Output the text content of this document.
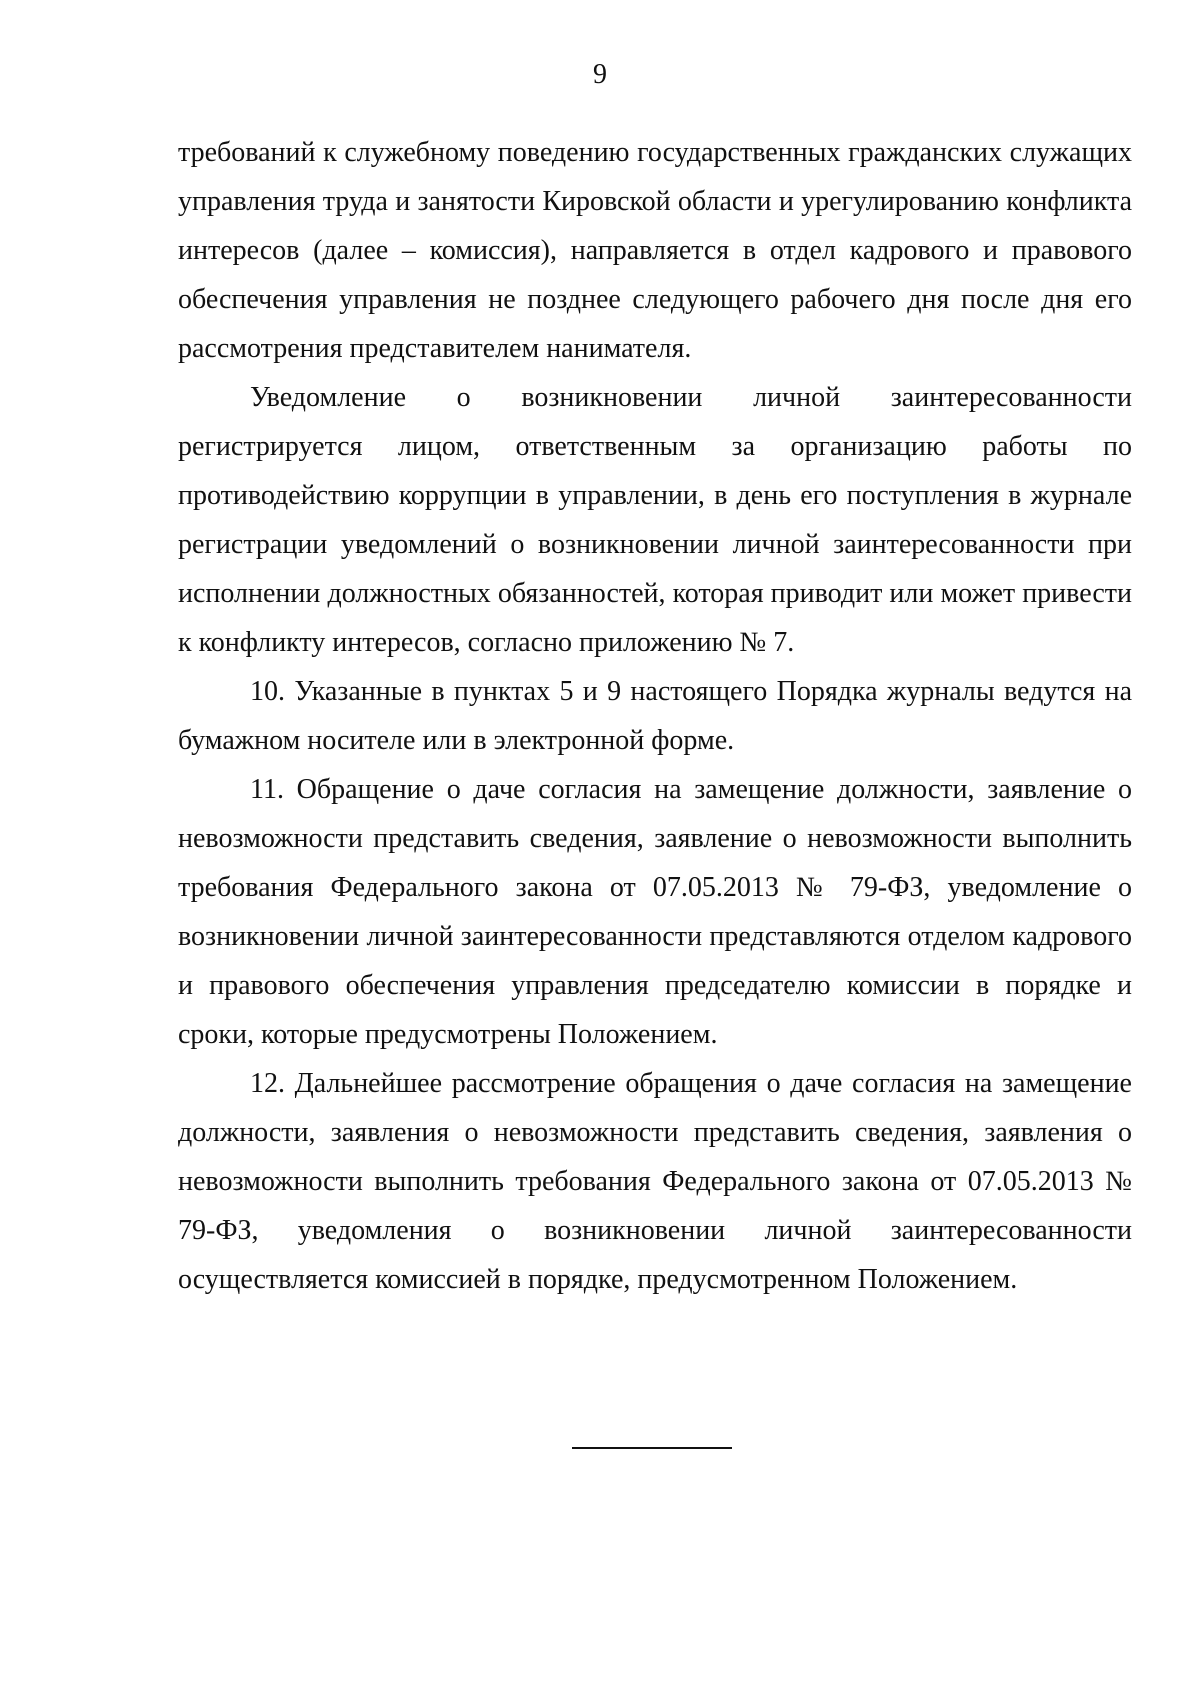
9

требований к служебному поведению государственных гражданских служащих управления труда и занятости Кировской области и урегулированию конфликта интересов (далее – комиссия), направляется в отдел кадрового и правового обеспечения управления не позднее следующего рабочего дня после дня его рассмотрения представителем нанимателя.

Уведомление о возникновении личной заинтересованности регистрируется лицом, ответственным за организацию работы по противодействию коррупции в управлении, в день его поступления в журнале регистрации уведомлений о возникновении личной заинтересованности при исполнении должностных обязанностей, которая приводит или может привести к конфликту интересов, согласно приложению № 7.

10. Указанные в пунктах 5 и 9 настоящего Порядка журналы ведутся на бумажном носителе или в электронной форме.

11. Обращение о даче согласия на замещение должности, заявление о невозможности представить сведения, заявление о невозможности выполнить требования Федерального закона от 07.05.2013 № 79-ФЗ, уведомление о возникновении личной заинтересованности представляются отделом кадрового и правового обеспечения управления председателю комиссии в порядке и сроки, которые предусмотрены Положением.

12. Дальнейшее рассмотрение обращения о даче согласия на замещение должности, заявления о невозможности представить сведения, заявления о невозможности выполнить требования Федерального закона от 07.05.2013 № 79-ФЗ, уведомления о возникновении личной заинтересованности осуществляется комиссией в порядке, предусмотренном Положением.
